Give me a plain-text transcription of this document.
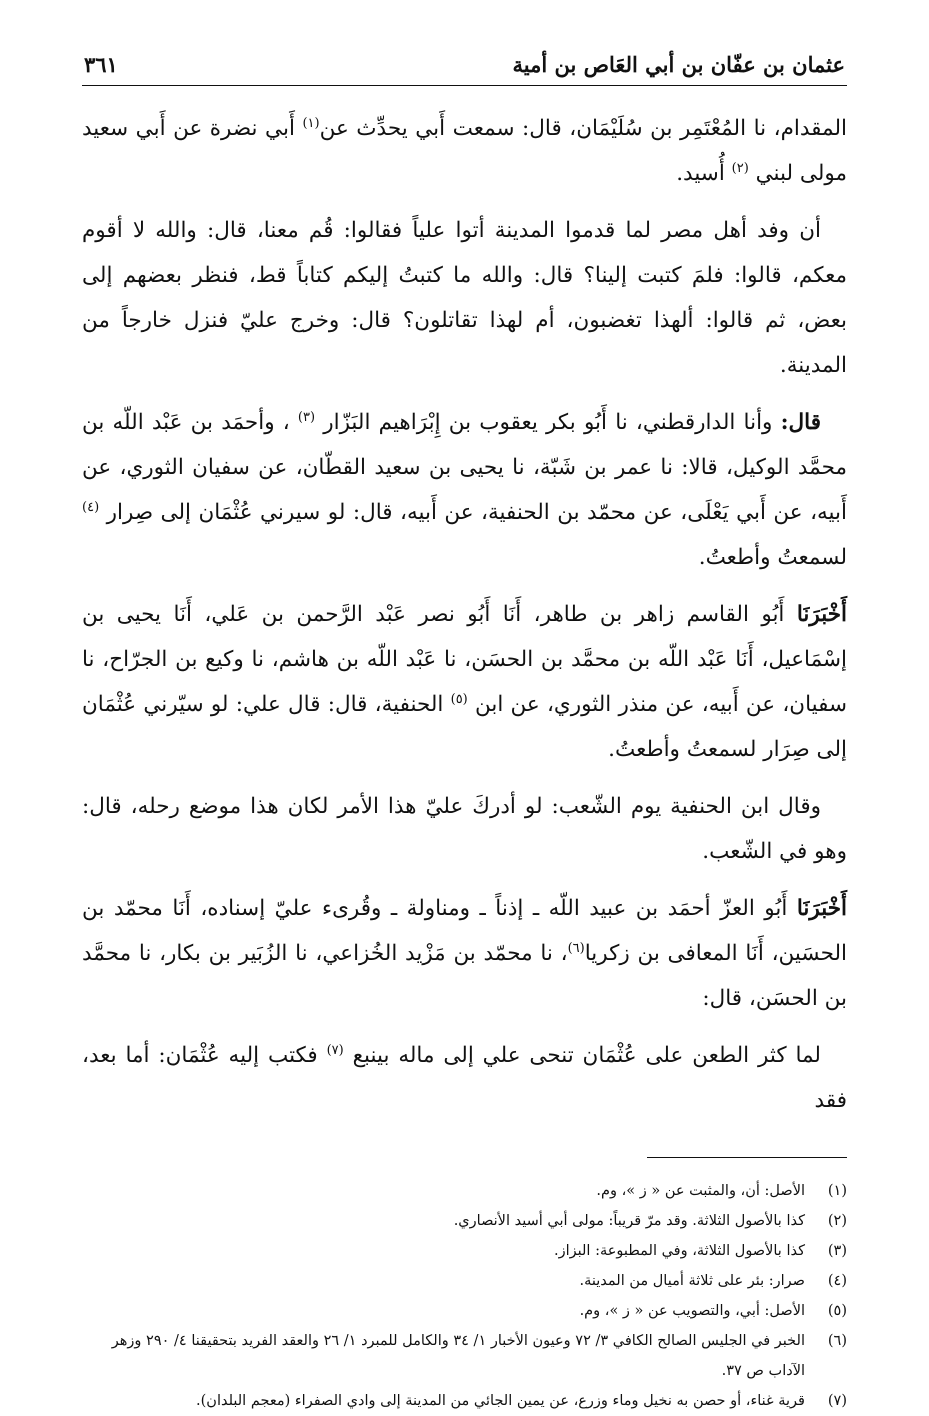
عثمان بن عفّان بن أبي العَاص بن أمية
٣٦١

المقدام، نا المُعْتَمِر بن سُلَيْمَان، قال: سمعت أَبي يحدِّث عن$^{(١)}$ أَبي نضرة عن أَبي سعيد مولى لبني $^{(٢)}$ أُسيد.

أن وفد أهل مصر لما قدموا المدينة أتوا علياً فقالوا: قُم معنا، قال: والله لا أقوم معكم، قالوا: فلمَ كتبت إلينا؟ قال: والله ما كتبتُ إليكم كتاباً قط، فنظر بعضهم إلى بعض، ثم قالوا: ألهذا تغضبون، أم لهذا تقاتلون؟ قال: وخرج عليّ فنزل خارجاً من المدينة.

قال: وأنا الدارقطني، نا أَبُو بكر يعقوب بن إِبْرَاهيم البَزّار $^{(٣)}$ ، وأحمَد بن عَبْد اللّه بن محمَّد الوكيل، قالا: نا عمر بن شَبّة، نا يحيى بن سعيد القطّان، عن سفيان الثوري، عن أَبيه، عن أَبي يَعْلَى، عن محمّد بن الحنفية، عن أَبيه، قال: لو سيرني عُثْمَان إلى صِرار $^{(٤)}$ لسمعتُ وأطعتُ.

أَخْبَرَنَا أَبُو القاسم زاهر بن طاهر، أَنَا أَبُو نصر عَبْد الرَّحمن بن عَلي، أَنَا يحيى بن إسْمَاعيل، أَنَا عَبْد اللّه بن محمَّد بن الحسَن، نا عَبْد اللّه بن هاشم، نا وكيع بن الجرّاح، نا سفيان، عن أَبيه، عن منذر الثوري، عن ابن $^{(٥)}$ الحنفية، قال: قال علي: لو سيّرني عُثْمَان إلى صِرَار لسمعتُ وأطعتُ.

وقال ابن الحنفية يوم الشّعب: لو أدركَ عليّ هذا الأمر لكان هذا موضع رحله، قال: وهو في الشّعب.

أَخْبَرَنَا أَبُو العزّ أحمَد بن عبيد اللّه ـ إذناً ـ ومناولة ـ وقُرىء عليّ إسناده، أَنَا محمّد بن الحسَين، أَنَا المعافى بن زكريا$^{(٦)}$، نا محمّد بن مَزْيد الخُزاعي، نا الزُبَير بن بكار، نا محمَّد بن الحسَن، قال:

لما كثر الطعن على عُثْمَان تنحى علي إلى ماله بينبع $^{(٧)}$ فكتب إليه عُثْمَان: أما بعد، فقد

(١)
الأصل: أن، والمثبت عن « ز »، وم.
(٢)
كذا بالأصول الثلاثة. وقد مرّ قريباً: مولى أبي أسيد الأنصاري.
(٣)
كذا بالأصول الثلاثة، وفي المطبوعة: البزاز.
(٤)
صرار: بئر على ثلاثة أميال من المدينة.
(٥)
الأصل: أبي، والتصويب عن « ز »، وم.
(٦)
الخبر في الجليس الصالح الكافي ٣/ ٧٢ وعيون الأخبار ١/ ٣٤ والكامل للمبرد ١/ ٢٦ والعقد الفريد بتحقيقنا ٤/ ٢٩٠ وزهر الآداب ص ٣٧.
(٧)
قرية غناء، أو حصن به نخيل وماء وزرع، عن يمين الجائي من المدينة إلى وادي الصفراء (معجم البلدان).
